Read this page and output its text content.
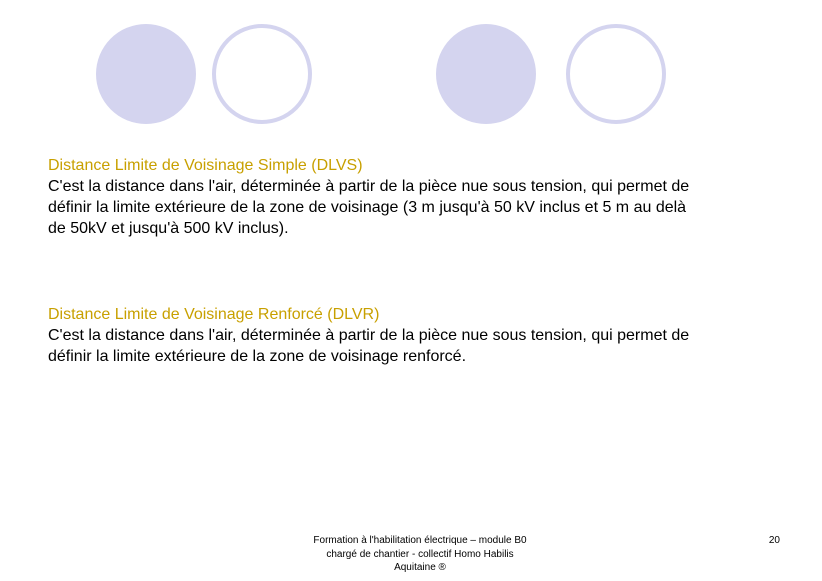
Distance Limite de Voisinage Simple (DLVS)
C'est la distance dans l'air, déterminée à partir de la pièce nue sous tension, qui permet de
définir la limite extérieure de la zone de voisinage (3 m jusqu'à 50 kV inclus et 5 m au delà
de 50kV et jusqu'à 500 kV inclus).
Distance Limite de Voisinage Renforcé (DLVR)
C'est la distance dans l'air, déterminée à partir de la pièce nue sous tension, qui permet de
définir la limite extérieure de la zone de voisinage renforcé.
Formation à l'habilitation électrique – module B0
chargé de chantier - collectif Homo Habilis
Aquitaine ®
20
